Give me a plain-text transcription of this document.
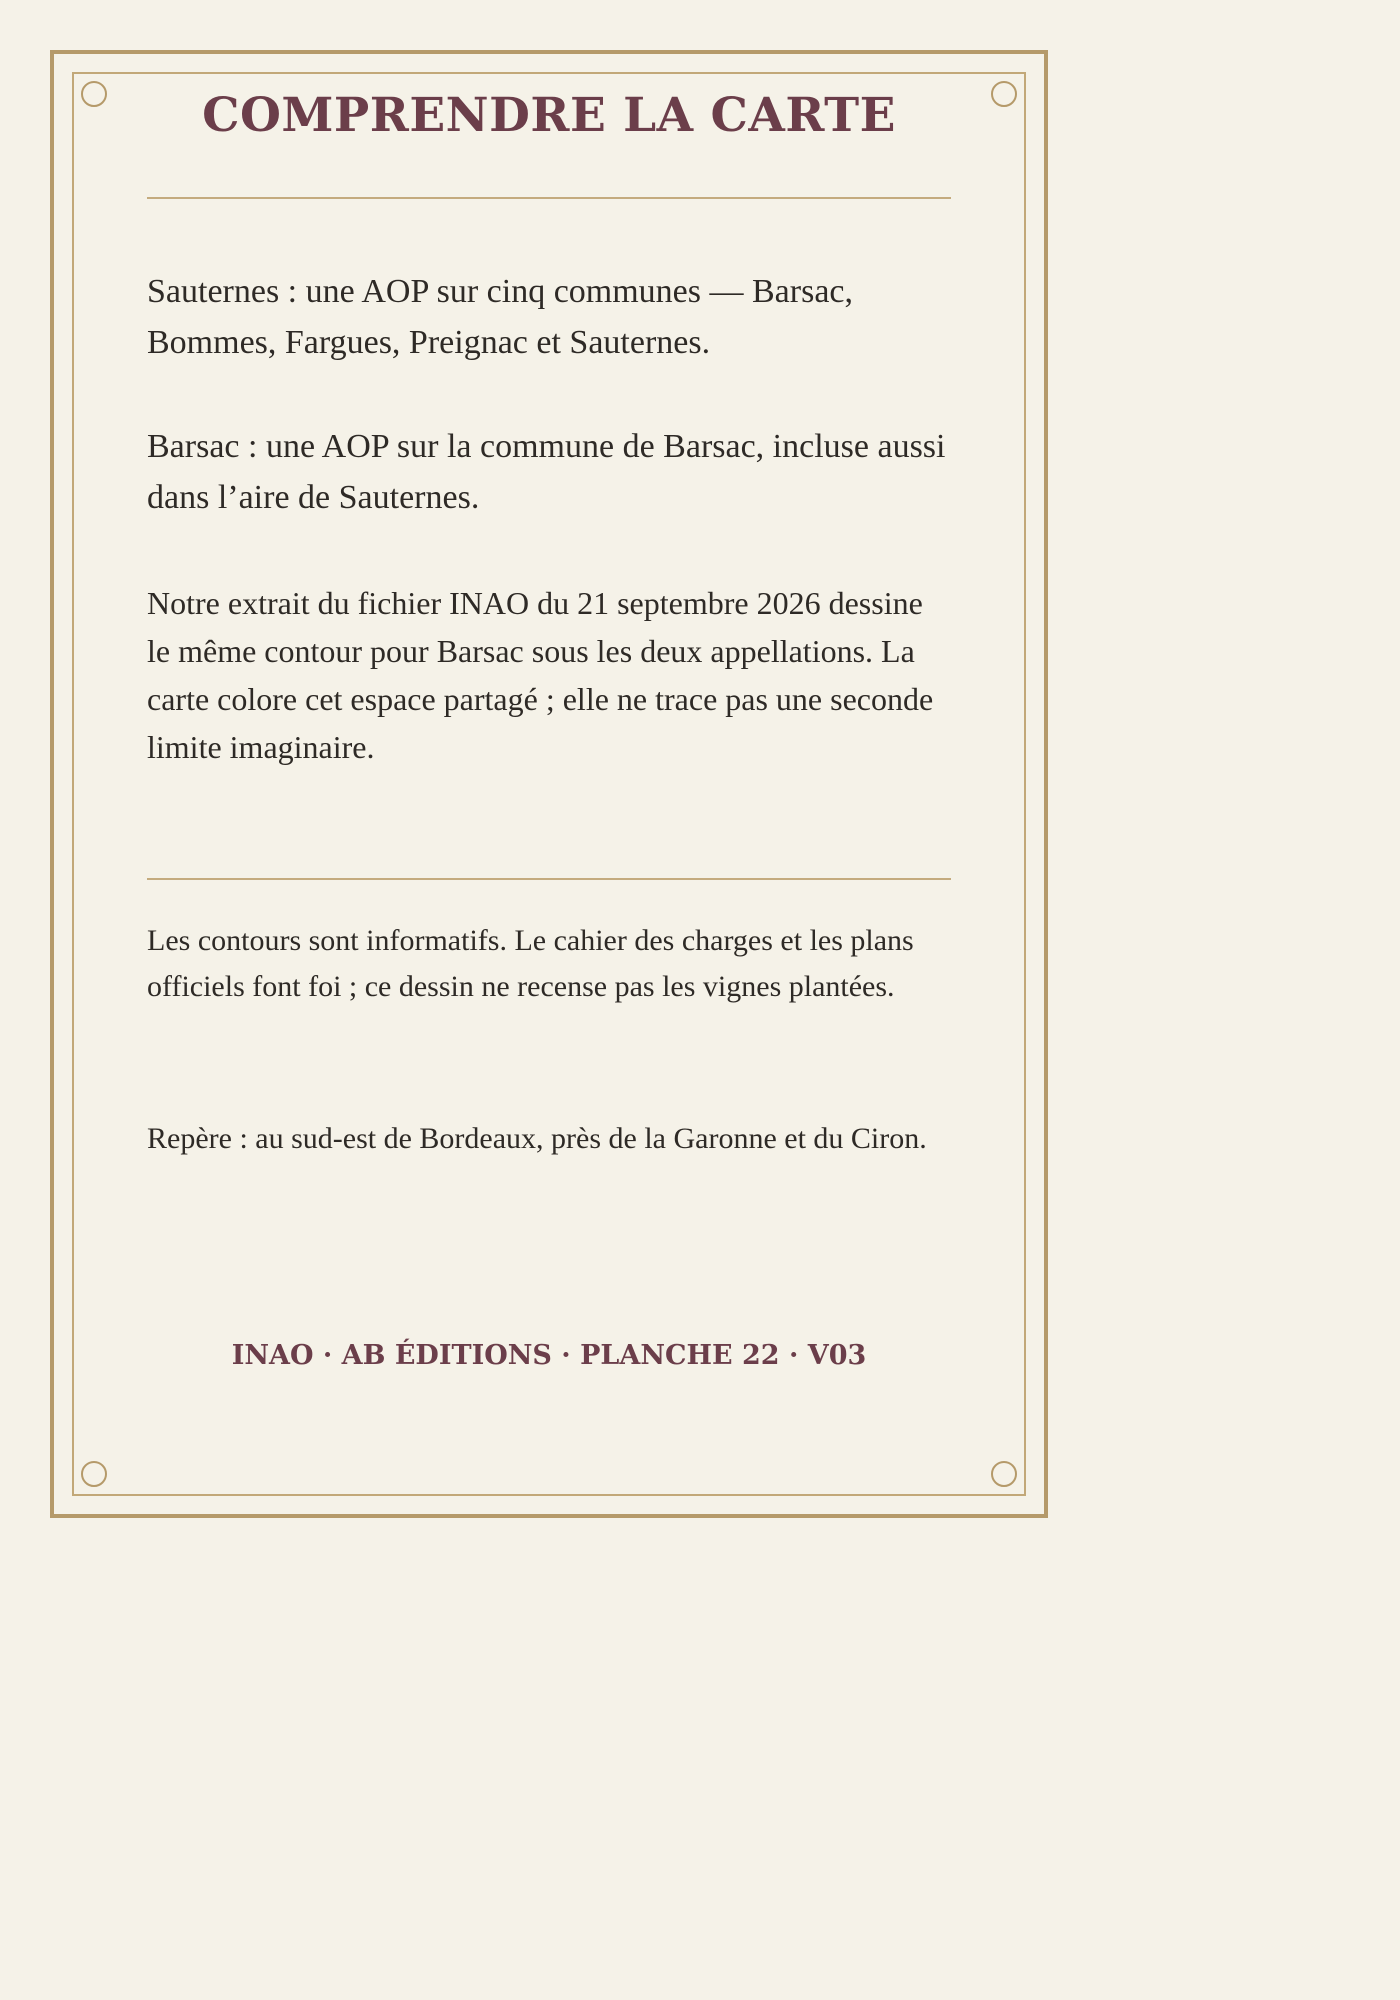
COMPRENDRE LA CARTE

Sauternes : une AOP sur cinq communes — Barsac, Bommes, Fargues, Preignac et Sauternes.

Barsac : une AOP sur la commune de Barsac, incluse aussi dans l’aire de Sauternes.

Notre extrait du fichier INAO du 21 septembre 2026 dessine le même contour pour Barsac sous les deux appellations. La carte colore cet espace partagé ; elle ne trace pas une seconde limite imaginaire.

Les contours sont informatifs. Le cahier des charges et les plans officiels font foi ; ce dessin ne recense pas les vignes plantées.

Repère : au sud-est de Bordeaux, près de la Garonne et du Ciron.

INAO · AB ÉDITIONS · PLANCHE 22 · V03
